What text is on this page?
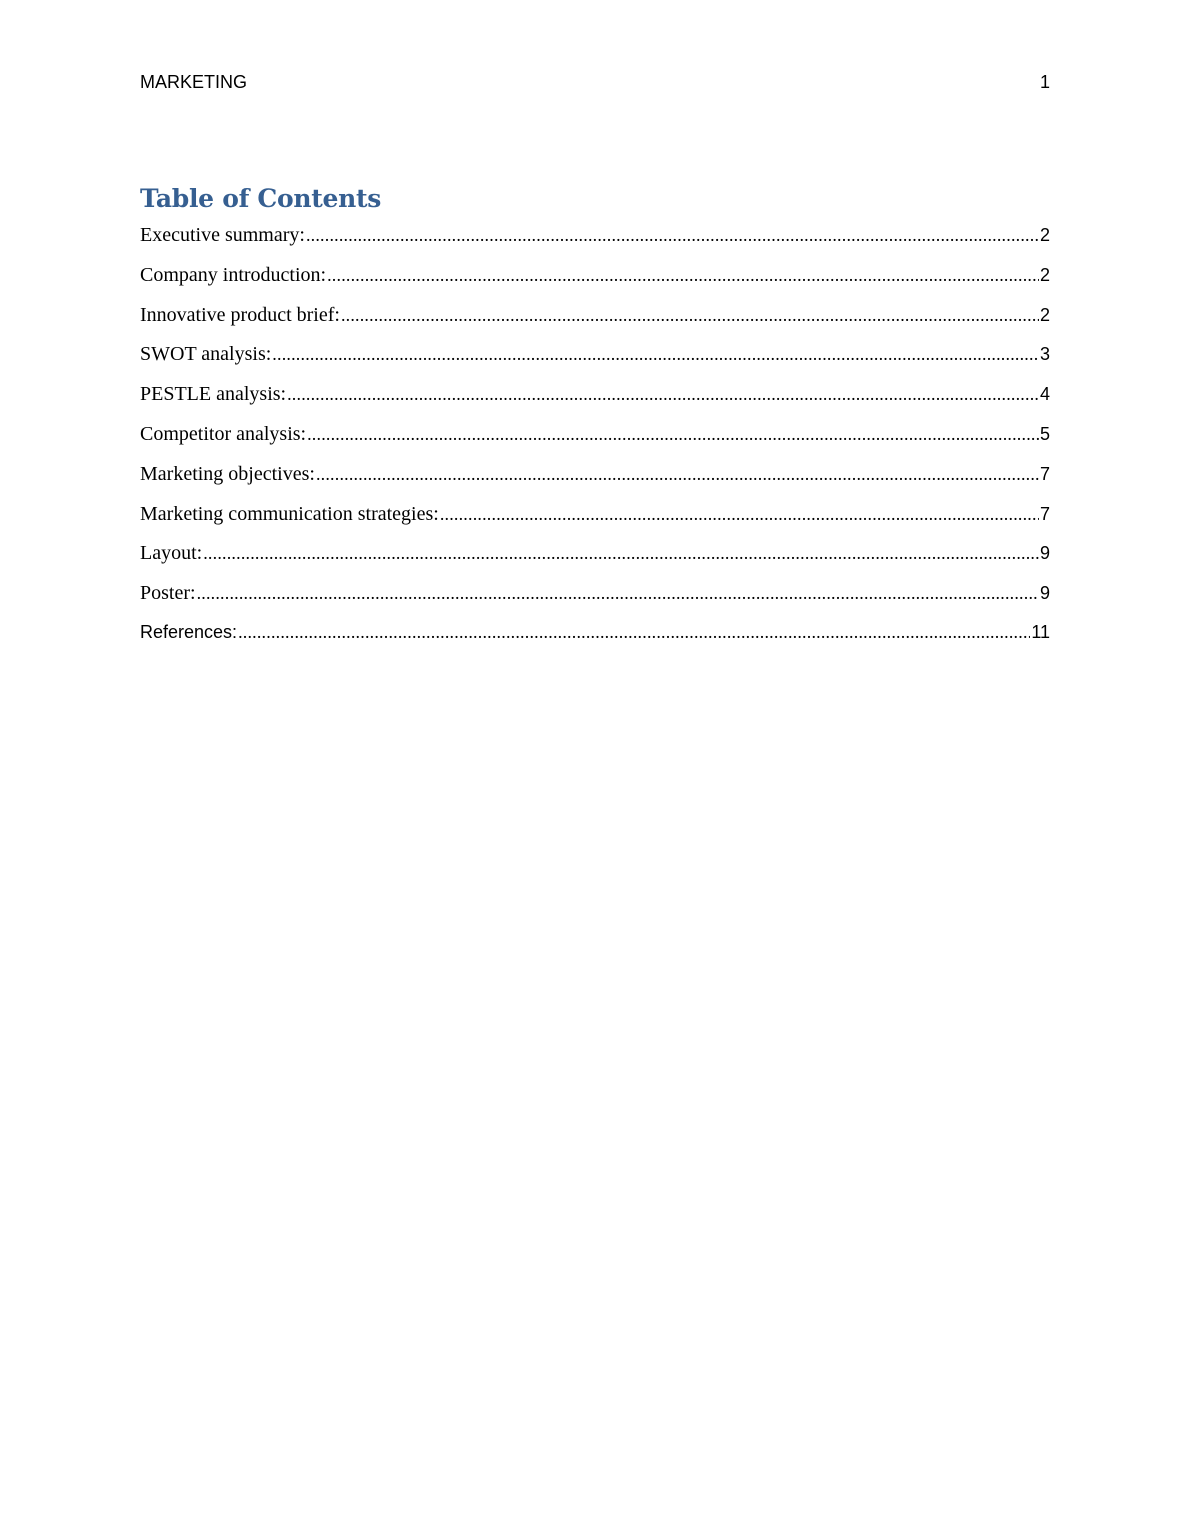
MARKETING	1
Table of Contents
Executive summary: .....	2
Company introduction: .....	2
Innovative product brief: .....	2
SWOT analysis: .....	3
PESTLE analysis: .....	4
Competitor analysis: .....	5
Marketing objectives: .....	7
Marketing communication strategies: .....	7
Layout: .....	9
Poster: .....	9
References: .....	11
